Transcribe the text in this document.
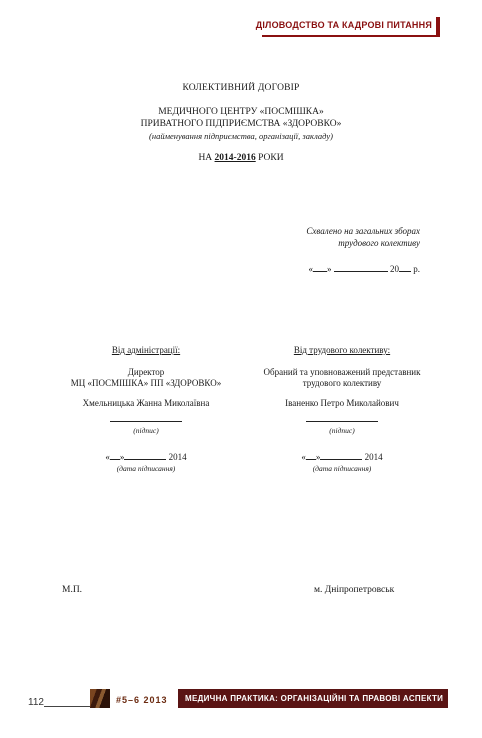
ДІЛОВОДСТВО ТА КАДРОВІ ПИТАННЯ
КОЛЕКТИВНИЙ ДОГОВІР
МЕДИЧНОГО ЦЕНТРУ «ПОСМІШКА»
ПРИВАТНОГО ПІДПРИЄМСТВА «ЗДОРОВКО»
(найменування підприємства, організації, закладу)
НА 2014-2016 РОКИ
Схвалено на загальних зборах
трудового колективу
« »	20 р.
Від адміністрації:
Директор
МЦ «ПОСМІШКА» ПП «ЗДОРОВКО»
Хмельницька Жанна Миколаївна
(підпис)
« »	2014
(дата підписання)
Від трудового колективу:
Обраний та уповноважений представник
трудового колективу
Іваненко Петро Миколайович
(підпис)
« »	2014
(дата підписання)
М.П.	м. Дніпропетровськ
112	#5–6 2013 МЕДИЧНА ПРАКТИКА: ОРГАНІЗАЦІЙНІ ТА ПРАВОВІ АСПЕКТИ
